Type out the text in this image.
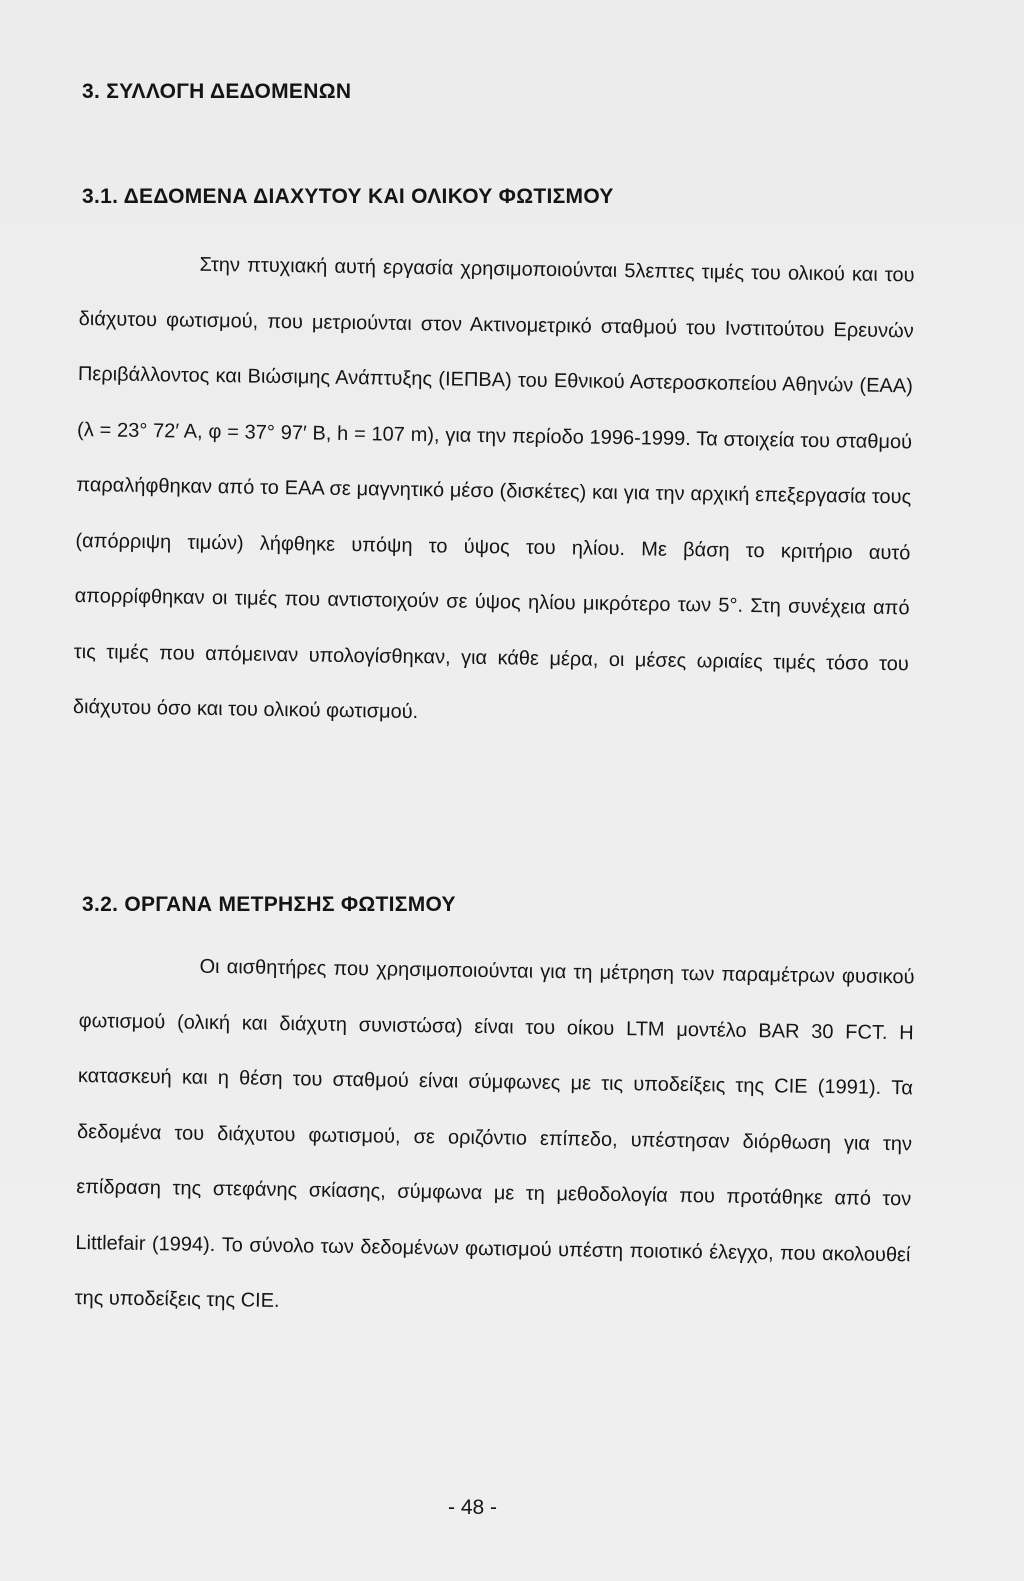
3. ΣΥΛΛΟΓΗ ΔΕΔΟΜΕΝΩΝ
3.1. ΔΕΔΟΜΕΝΑ ΔΙΑΧΥΤΟΥ ΚΑΙ ΟΛΙΚΟΥ ΦΩΤΙΣΜΟΥ

Στην πτυχιακή αυτή εργασία χρησιμοποιούνται 5λεπτες τιμές του ολικού και του διάχυτου φωτισμού, που μετριούνται στον Ακτινομετρικό σταθμού του Ινστιτούτου Ερευνών Περιβάλλοντος και Βιώσιμης Ανάπτυξης (ΙΕΠΒΑ) του Εθνικού Αστεροσκοπείου Αθηνών (ΕΑΑ) (λ = 23° 72′ Α, φ = 37° 97′ Β, h = 107 m), για την περίοδο 1996-1999. Τα στοιχεία του σταθμού παραλήφθηκαν από το ΕΑΑ σε μαγνητικό μέσο (δισκέτες) και για την αρχική επεξεργασία τους (απόρριψη τιμών) λήφθηκε υπόψη το ύψος του ηλίου. Με βάση το κριτήριο αυτό απορρίφθηκαν οι τιμές που αντιστοιχούν σε ύψος ηλίου μικρότερο των 5°. Στη συνέχεια από τις τιμές που απόμειναν υπολογίσθηκαν, για κάθε μέρα, οι μέσες ωριαίες τιμές τόσο του διάχυτου όσο και του ολικού φωτισμού.

3.2. ΟΡΓΑΝΑ ΜΕΤΡΗΣΗΣ ΦΩΤΙΣΜΟΥ

Οι αισθητήρες που χρησιμοποιούνται για τη μέτρηση των παραμέτρων φυσικού φωτισμού (ολική και διάχυτη συνιστώσα) είναι του οίκου LTM μοντέλο BAR 30 FCT. Η κατασκευή και η θέση του σταθμού είναι σύμφωνες με τις υποδείξεις της CIE (1991). Τα δεδομένα του διάχυτου φωτισμού, σε οριζόντιο επίπεδο, υπέστησαν διόρθωση για την επίδραση της στεφάνης σκίασης, σύμφωνα με τη μεθοδολογία που προτάθηκε από τον Littlefair (1994). Το σύνολο των δεδομένων φωτισμού υπέστη ποιοτικό έλεγχο, που ακολουθεί της υποδείξεις της CIE.

- 48 -
